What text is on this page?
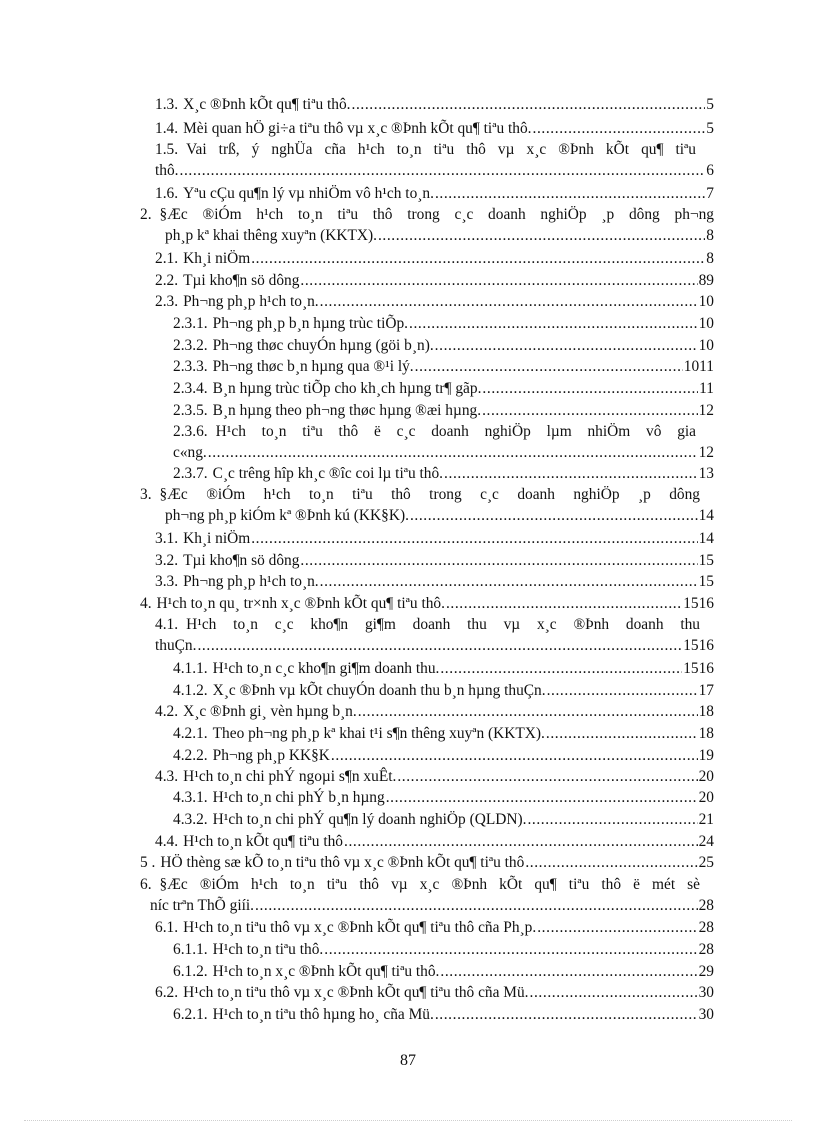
1.3. X¸c ®Þnh kÕt qu¶ tiªu thô. .....	5
1.4. Mèi quan hÖ gi÷a tiªu thô vµ x¸c ®Þnh kÕt qu¶ tiªu thô. .....	5
1.5. Vai trß, ý nghÜa cña h¹ch to¸n tiªu thô vµ x¸c ®Þnh kÕt qu¶ tiªu
thô. .....	6
1.6. Yªu cÇu qu¶n lý vµ nhiÖm vô h¹ch to¸n. .....	7
2. §Æc ®iÓm h¹ch to¸n tiªu thô trong c¸c doanh nghiÖp ¸p dông ph¬ng
ph¸p kª khai thêng xuyªn (KKTX). .....	8
2.1. Kh¸i niÖm .....	8
2.2. Tµi kho¶n sö dông .....	89
2.3. Ph¬ng ph¸p h¹ch to¸n. .....	10
2.3.1. Ph¬ng ph¸p b¸n hµng trùc tiÕp. .....	10
2.3.2. Ph¬ng thøc chuyÓn hµng (göi b¸n). .....	10
2.3.3. Ph¬ng thøc b¸n hµng qua ®¹i lý. .....	1011
2.3.4. B¸n hµng trùc tiÕp cho kh¸ch hµng tr¶ gãp. .....	11
2.3.5. B¸n hµng theo ph¬ng thøc hµng ®æi hµng. .....	12
2.3.6. H¹ch to¸n tiªu thô ë c¸c doanh nghiÖp lµm nhiÖm vô gia
c«ng. .....	12
2.3.7. C¸c trêng hîp kh¸c ®îc coi lµ tiªu thô. .....	13
3. §Æc ®iÓm h¹ch to¸n tiªu thô trong c¸c doanh nghiÖp ¸p dông
ph¬ng ph¸p kiÓm kª ®Þnh kú (KK§K). .....	14
3.1. Kh¸i niÖm .....	14
3.2. Tµi kho¶n sö dông .....	15
3.3. Ph¬ng ph¸p h¹ch to¸n. .....	15
4. H¹ch to¸n qu¸ tr×nh x¸c ®Þnh kÕt qu¶ tiªu thô. .....	1516
4.1. H¹ch to¸n c¸c kho¶n gi¶m doanh thu vµ x¸c ®Þnh doanh thu
thuÇn. .....	1516
4.1.1. H¹ch to¸n c¸c kho¶n gi¶m doanh thu. .....	1516
4.1.2. X¸c ®Þnh vµ kÕt chuyÓn doanh thu b¸n hµng thuÇn. .....	17
4.2. X¸c ®Þnh gi¸ vèn hµng b¸n. .....	18
4.2.1. Theo ph¬ng ph¸p kª khai t¹i s¶n thêng xuyªn (KKTX). .....	18
4.2.2. Ph¬ng ph¸p KK§K .....	19
4.3. H¹ch to¸n chi phÝ ngoµi s¶n xuÊt. .....	20
4.3.1. H¹ch to¸n chi phÝ b¸n hµng .....	20
4.3.2. H¹ch to¸n chi phÝ qu¶n lý doanh nghiÖp (QLDN). .....	21
4.4. H¹ch to¸n kÕt qu¶ tiªu thô .....	24
5 . HÖ thèng sæ kÕ to¸n tiªu thô vµ x¸c ®Þnh kÕt qu¶ tiªu thô .....	25
6. §Æc ®iÓm h¹ch to¸n tiªu thô vµ x¸c ®Þnh kÕt qu¶ tiªu thô ë mét sè
níc trªn ThÕ giíi. .....	28
6.1. H¹ch to¸n tiªu thô vµ x¸c ®Þnh kÕt qu¶ tiªu thô cña Ph¸p. .....	28
6.1.1. H¹ch to¸n tiªu thô. .....	28
6.1.2. H¹ch to¸n x¸c ®Þnh kÕt qu¶ tiªu thô. .....	29
6.2. H¹ch to¸n tiªu thô vµ x¸c ®Þnh kÕt qu¶ tiªu thô cña Mü. .....	30
6.2.1. H¹ch to¸n tiªu thô hµng ho¸ cña Mü. .....	30
87
